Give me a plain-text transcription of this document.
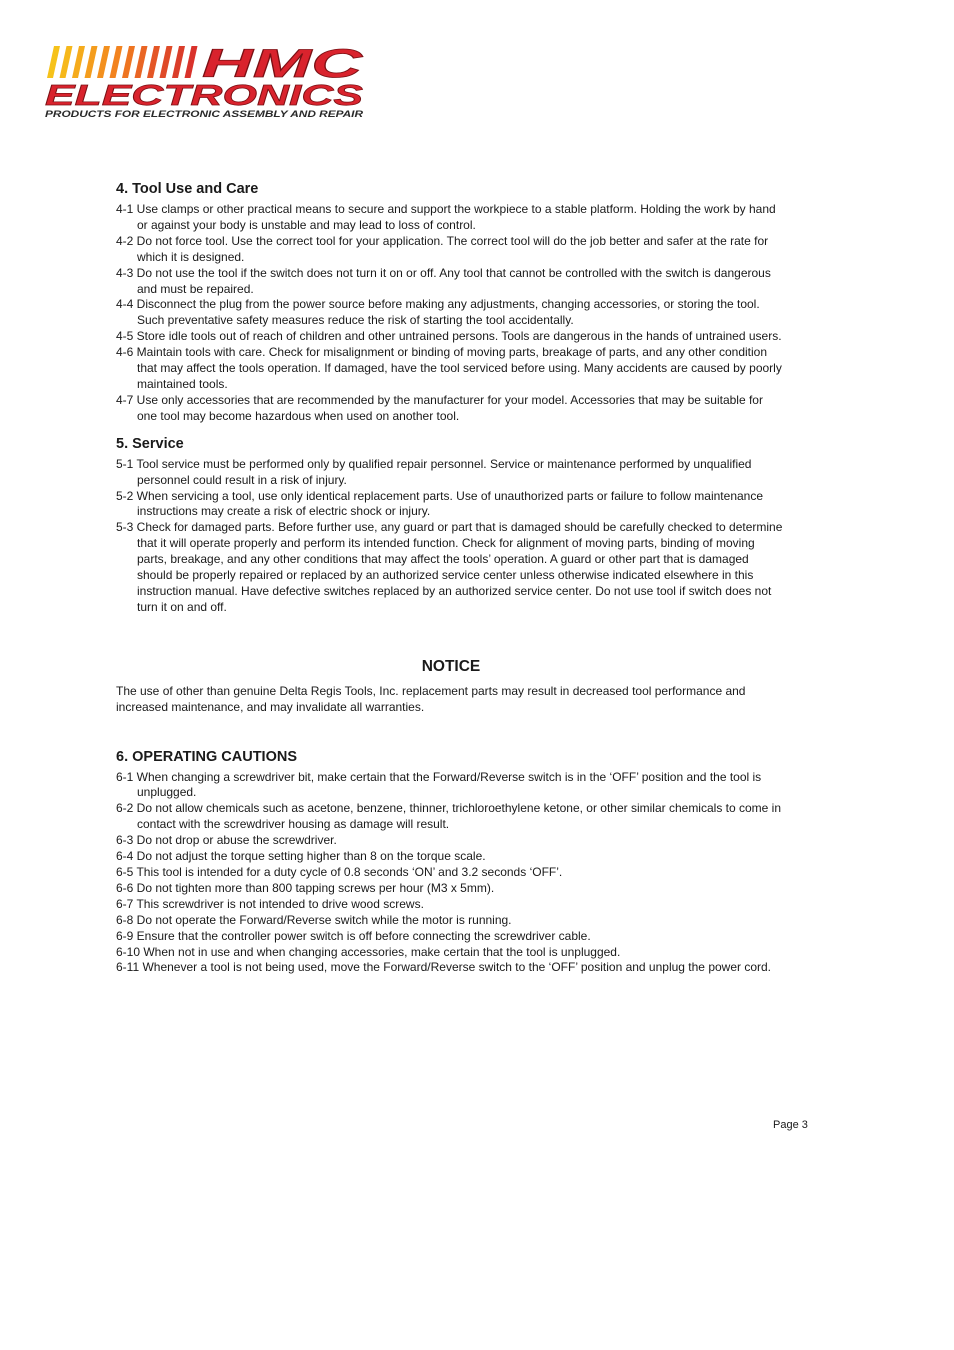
HMC
ELECTRONICS
PRODUCTS FOR ELECTRONIC ASSEMBLY AND REPAIR
4. Tool Use and Care
4-1 Use clamps or other practical means to secure and support the workpiece to a stable platform. Holding the work by hand or against your body is unstable and may lead to loss of control.
4-2 Do not force tool. Use the correct tool for your application. The correct tool will do the job better and safer at the rate for which it is designed.
4-3 Do not use the tool if the switch does not turn it on or off. Any tool that cannot be controlled with the switch is dangerous and must be repaired.
4-4 Disconnect the plug from the power source before making any adjustments, changing accessories, or storing the tool. Such preventative safety measures reduce the risk of starting the tool accidentally.
4-5 Store idle tools out of reach of children and other untrained persons. Tools are dangerous in the hands of untrained users.
4-6 Maintain tools with care. Check for misalignment or binding of moving parts, breakage of parts, and any other condition that may affect the tools operation. If damaged, have the tool serviced before using. Many accidents are caused by poorly maintained tools.
4-7 Use only accessories that are recommended by the manufacturer for your model. Accessories that may be suitable for one tool may become hazardous when used on another tool.
5. Service
5-1 Tool service must be performed only by qualified repair personnel. Service or maintenance performed by unqualified personnel could result in a risk of injury.
5-2 When servicing a tool, use only identical replacement parts. Use of unauthorized parts or failure to follow maintenance instructions may create a risk of electric shock or injury.
5-3 Check for damaged parts. Before further use, any guard or part that is damaged should be carefully checked to determine that it will operate properly and perform its intended function. Check for alignment of moving parts, binding of moving parts, breakage, and any other conditions that may affect the tools’ operation. A guard or other part that is damaged should be properly repaired or replaced by an authorized service center unless otherwise indicated elsewhere in this instruction manual. Have defective switches replaced by an authorized service center. Do not use tool if switch does not turn it on and off.
NOTICE

The use of other than genuine Delta Regis Tools, Inc. replacement parts may result in decreased tool performance and increased maintenance, and may invalidate all warranties.

6. OPERATING CAUTIONS
6-1 When changing a screwdriver bit, make certain that the Forward/Reverse switch is in the ‘OFF’ position and the tool is unplugged.
6-2 Do not allow chemicals such as acetone, benzene, thinner, trichloroethylene ketone, or other similar chemicals to come in contact with the screwdriver housing as damage will result.
6-3 Do not drop or abuse the screwdriver.
6-4 Do not adjust the torque setting higher than 8 on the torque scale.
6-5 This tool is intended for a duty cycle of 0.8 seconds ‘ON’ and 3.2 seconds ‘OFF’.
6-6 Do not tighten more than 800 tapping screws per hour (M3 x 5mm).
6-7 This screwdriver is not intended to drive wood screws.
6-8 Do not operate the Forward/Reverse switch while the motor is running.
6-9 Ensure that the controller power switch is off before connecting the screwdriver cable.
6-10 When not in use and when changing accessories, make certain that the tool is unplugged.
6-11 Whenever a tool is not being used, move the Forward/Reverse switch to the ‘OFF’ position and unplug the power cord.
Page 3
